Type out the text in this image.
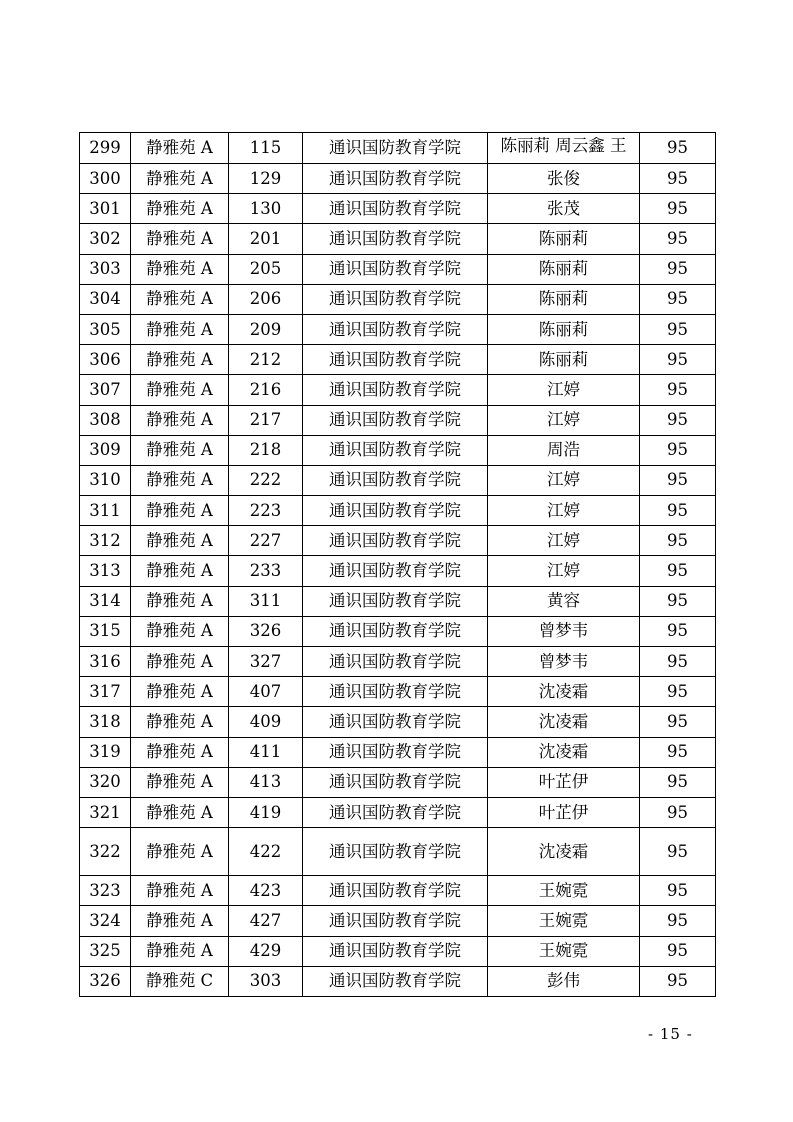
299	静雅苑 A	115	通识国防教育学院	陈丽莉 周云鑫 王	95
300	静雅苑 A	129	通识国防教育学院	张俊	95
301	静雅苑 A	130	通识国防教育学院	张茂	95
302	静雅苑 A	201	通识国防教育学院	陈丽莉	95
303	静雅苑 A	205	通识国防教育学院	陈丽莉	95
304	静雅苑 A	206	通识国防教育学院	陈丽莉	95
305	静雅苑 A	209	通识国防教育学院	陈丽莉	95
306	静雅苑 A	212	通识国防教育学院	陈丽莉	95
307	静雅苑 A	216	通识国防教育学院	江婷	95
308	静雅苑 A	217	通识国防教育学院	江婷	95
309	静雅苑 A	218	通识国防教育学院	周浩	95
310	静雅苑 A	222	通识国防教育学院	江婷	95
311	静雅苑 A	223	通识国防教育学院	江婷	95
312	静雅苑 A	227	通识国防教育学院	江婷	95
313	静雅苑 A	233	通识国防教育学院	江婷	95
314	静雅苑 A	311	通识国防教育学院	黄容	95
315	静雅苑 A	326	通识国防教育学院	曾梦韦	95
316	静雅苑 A	327	通识国防教育学院	曾梦韦	95
317	静雅苑 A	407	通识国防教育学院	沈凌霜	95
318	静雅苑 A	409	通识国防教育学院	沈凌霜	95
319	静雅苑 A	411	通识国防教育学院	沈凌霜	95
320	静雅苑 A	413	通识国防教育学院	叶芷伊	95
321	静雅苑 A	419	通识国防教育学院	叶芷伊	95
322	静雅苑 A	422	通识国防教育学院	沈凌霜	95
323	静雅苑 A	423	通识国防教育学院	王婉霓	95
324	静雅苑 A	427	通识国防教育学院	王婉霓	95
325	静雅苑 A	429	通识国防教育学院	王婉霓	95
326	静雅苑 C	303	通识国防教育学院	彭伟	95
- 15 -
